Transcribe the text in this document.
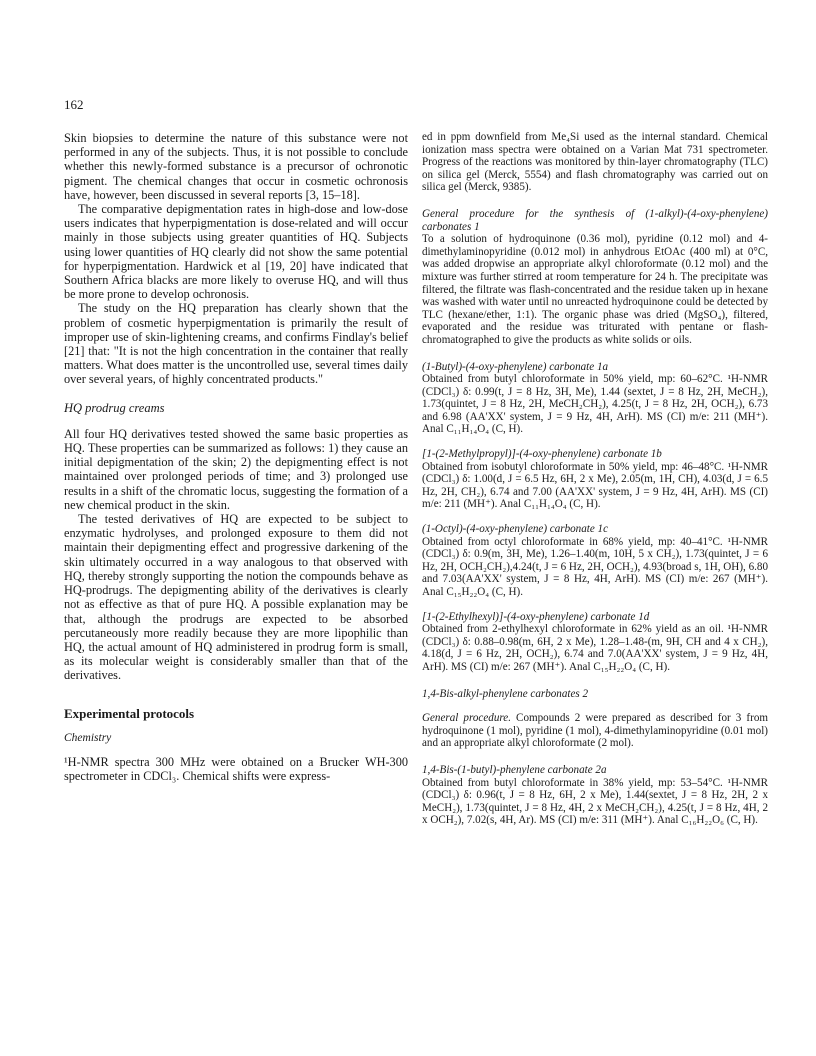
162

Skin biopsies to determine the nature of this substance were not performed in any of the subjects. Thus, it is not possible to conclude whether this newly-formed substance is a precursor of ochronotic pigment. The chemical changes that occur in cosmetic ochronosis have, however, been discussed in several reports [3, 15–18].

The comparative depigmentation rates in high-dose and low-dose users indicates that hyperpigmentation is dose-related and will occur mainly in those subjects using greater quantities of HQ. Subjects using lower quantities of HQ clearly did not show the same potential for hyperpigmentation. Hardwick et al [19, 20] have indicated that Southern Africa blacks are more likely to overuse HQ, and will thus be more prone to develop ochronosis.

The study on the HQ preparation has clearly shown that the problem of cosmetic hyperpigmentation is primarily the result of improper use of skin-lightening creams, and confirms Findlay's belief [21] that: "It is not the high concentration in the container that really matters. What does matter is the uncontrolled use, several times daily over several years, of highly concentrated products."

HQ prodrug creams

All four HQ derivatives tested showed the same basic properties as HQ. These properties can be summarized as follows: 1) they cause an initial depigmentation of the skin; 2) the depigmenting effect is not maintained over prolonged periods of time; and 3) prolonged use results in a shift of the chromatic locus, suggesting the formation of a new chemical product in the skin.

The tested derivatives of HQ are expected to be subject to enzymatic hydrolyses, and prolonged exposure to them did not maintain their depigmenting effect and progressive darkening of the skin ultimately occurred in a way analogous to that observed with HQ, thereby strongly supporting the notion the compounds behave as HQ-prodrugs. The depigmenting ability of the derivatives is clearly not as effective as that of pure HQ. A possible explanation may be that, although the prodrugs are expected to be absorbed percutaneously more readily because they are more lipophilic than HQ, the actual amount of HQ administered in prodrug form is small, as its molecular weight is considerably smaller than that of the derivatives.

Experimental protocols
Chemistry

¹H-NMR spectra 300 MHz were obtained on a Brucker WH-300 spectrometer in CDCl₃. Chemical shifts were express-

ed in ppm downfield from Me₄Si used as the internal standard. Chemical ionization mass spectra were obtained on a Varian Mat 731 spectrometer. Progress of the reactions was monitored by thin-layer chromatography (TLC) on silica gel (Merck, 5554) and flash chromatography was carried out on silica gel (Merck, 9385).

General procedure for the synthesis of (1-alkyl)-(4-oxy-phenylene) carbonates 1

To a solution of hydroquinone (0.36 mol), pyridine (0.12 mol) and 4-dimethylaminopyridine (0.012 mol) in anhydrous EtOAc (400 ml) at 0°C, was added dropwise an appropriate alkyl chloroformate (0.12 mol) and the mixture was further stirred at room temperature for 24 h. The precipitate was filtered, the filtrate was flash-concentrated and the residue taken up in hexane was washed with water until no unreacted hydroquinone could be detected by TLC (hexane/ether, 1:1). The organic phase was dried (MgSO₄), filtered, evaporated and the residue was triturated with pentane or flash-chromatographed to give the products as white solids or oils.

(1-Butyl)-(4-oxy-phenylene) carbonate 1a

Obtained from butyl chloroformate in 50% yield, mp: 60–62°C. ¹H-NMR (CDCl₃) δ: 0.99(t, J = 8 Hz, 3H, Me), 1.44 (sextet, J = 8 Hz, 2H, MeCH₂), 1.73(quintet, J = 8 Hz, 2H, MeCH₂CH₂), 4.25(t, J = 8 Hz, 2H, OCH₂), 6.73 and 6.98 (AA'XX' system, J = 9 Hz, 4H, ArH). MS (CI) m/e: 211 (MH⁺). Anal C₁₁H₁₄O₄ (C, H).

[1-(2-Methylpropyl)]-(4-oxy-phenylene) carbonate 1b

Obtained from isobutyl chloroformate in 50% yield, mp: 46–48°C. ¹H-NMR (CDCl₃) δ: 1.00(d, J = 6.5 Hz, 6H, 2 x Me), 2.05(m, 1H, CH), 4.03(d, J = 6.5 Hz, 2H, CH₂), 6.74 and 7.00 (AA'XX' system, J = 9 Hz, 4H, ArH). MS (CI) m/e: 211 (MH⁺). Anal C₁₁H₁₄O₄ (C, H).

(1-Octyl)-(4-oxy-phenylene) carbonate 1c

Obtained from octyl chloroformate in 68% yield, mp: 40–41°C. ¹H-NMR (CDCl₃) δ: 0.9(m, 3H, Me), 1.26–1.40(m, 10H, 5 x CH₂), 1.73(quintet, J = 6 Hz, 2H, OCH₂CH₂),4.24(t, J = 6 Hz, 2H, OCH₂), 4.93(broad s, 1H, OH), 6.80 and 7.03(AA'XX' system, J = 8 Hz, 4H, ArH). MS (CI) m/e: 267 (MH⁺). Anal C₁₅H₂₂O₄ (C, H).

[1-(2-Ethylhexyl)]-(4-oxy-phenylene) carbonate 1d

Obtained from 2-ethylhexyl chloroformate in 62% yield as an oil. ¹H-NMR (CDCl₃) δ: 0.88–0.98(m, 6H, 2 x Me), 1.28–1.48-(m, 9H, CH and 4 x CH₂), 4.18(d, J = 6 Hz, 2H, OCH₂), 6.74 and 7.0(AA'XX' system, J = 9 Hz, 4H, ArH). MS (CI) m/e: 267 (MH⁺). Anal C₁₅H₂₂O₄ (C, H).

1,4-Bis-alkyl-phenylene carbonates 2

General procedure. Compounds 2 were prepared as described for 3 from hydroquinone (1 mol), pyridine (1 mol), 4-dimethylaminopyridine (0.01 mol) and an appropriate alkyl chloroformate (2 mol).

1,4-Bis-(1-butyl)-phenylene carbonate 2a

Obtained from butyl chloroformate in 38% yield, mp: 53–54°C. ¹H-NMR (CDCl₃) δ: 0.96(t, J = 8 Hz, 6H, 2 x Me), 1.44(sextet, J = 8 Hz, 2H, 2 x MeCH₂), 1.73(quintet, J = 8 Hz, 4H, 2 x MeCH₂CH₂), 4.25(t, J = 8 Hz, 4H, 2 x OCH₂), 7.02(s, 4H, Ar). MS (CI) m/e: 311 (MH⁺). Anal C₁₆H₂₂O₆ (C, H).
